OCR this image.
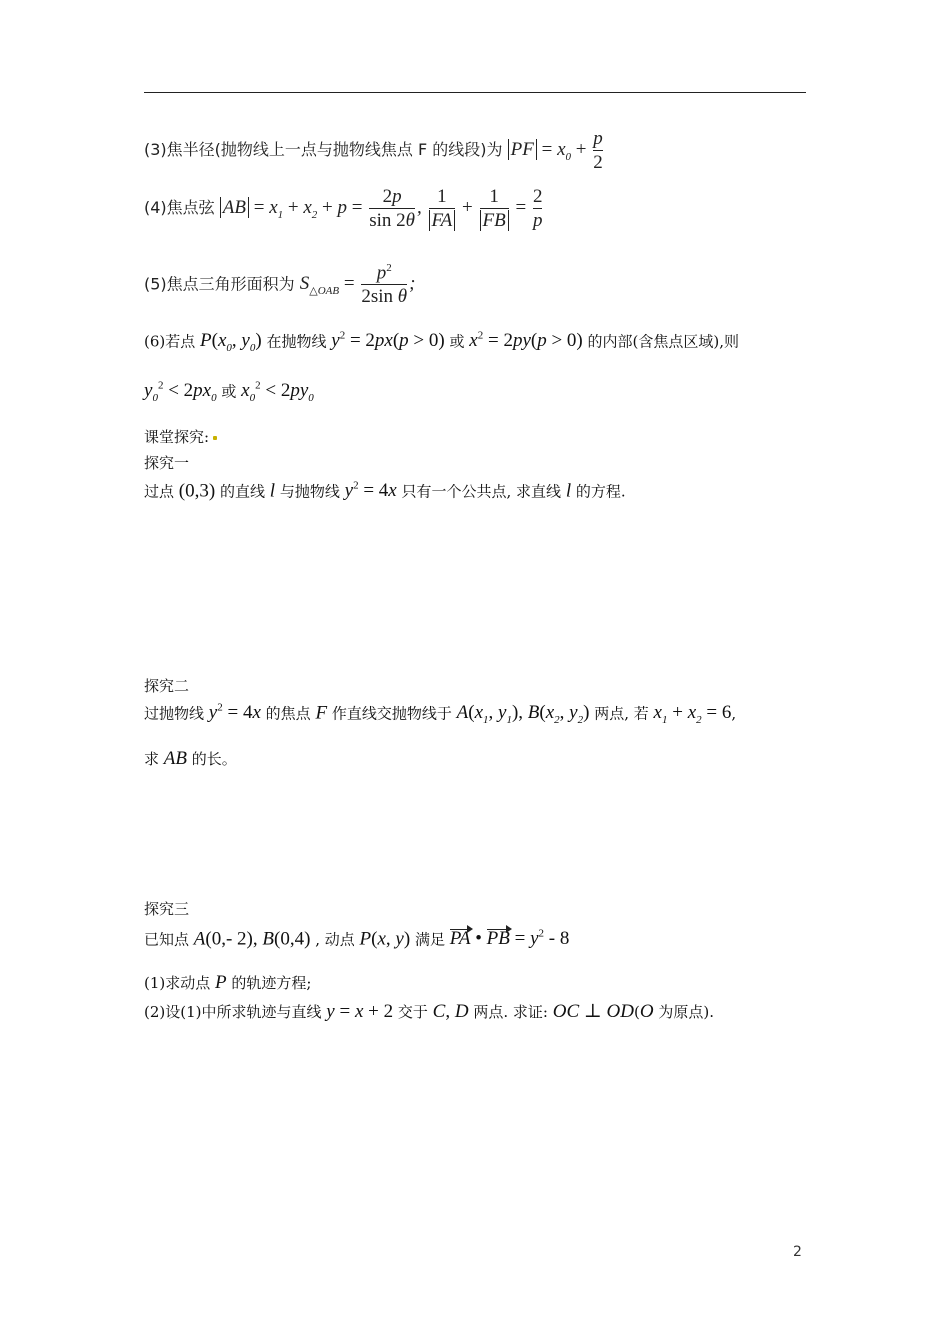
(3)焦半径(抛物线上一点与抛物线焦点 F 的线段)为 PF = $x_0 + \frac{p}{2}$
(4)焦点弦 AB = $x_1 + x_2 + p = \frac{2p}{\sin 2\theta}$ , $\frac{1}{FA} + \frac{1}{FB} = \frac{2}{p}$
(5)焦点三角形面积为 $S_{\triangle OAB} = \frac{p^2}{\text{2sin θ}}$ ;
(6)若点 $P(x_0$, $y_0$) 在抛物线 $y^2 = 2px(p > 0)$ 或 $x^2 = 2py(p > 0)$ 的内部(含焦点区域),则
$y_0^2 < 2px_0$ 或 $x_0^2 < 2py_0$
课堂探究:
探究一
过点 (0,3) 的直线 l 与抛物线 $y^2 = 4x$ 只有一个公共点, 求直线 l 的方程.
探究二
过抛物线 $y^2 = 4x$ 的焦点 F 作直线交抛物线于 $A(x_1$, $y_1$), $B(x_2$, $y_2$) 两点, 若 $x_1 + x_2 = 6$,
求 AB 的长。
探究三
已知点 A(0,- 2), B(0,4) , 动点 P(x, y) 满足 PA • PB = $y^2 - 8$
(1)求动点 P 的轨迹方程;
(2)设(1)中所求轨迹与直线 y = x + 2 交于 C, D 两点. 求证: OC ⊥ OD(O 为原点).
2
